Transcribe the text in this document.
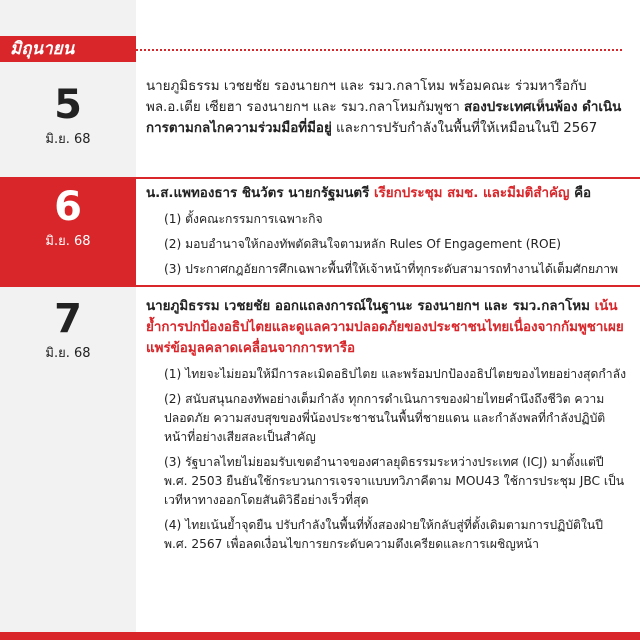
มิถุนายน
5
มิ.ย. 68

นายภูมิธรรม เวชยชัย รองนายกฯ และ รมว.กลาโหม พร้อมคณะ ร่วมหารือกับ พล.อ.เตีย เซียฮา รองนายกฯ และ รมว.กลาโหมกัมพูชา สองประเทศเห็นพ้อง ดำเนินการตามกลไกความร่วมมือที่มีอยู่ และการปรับกำลังในพื้นที่ให้เหมือนในปี 2567

6
มิ.ย. 68

น.ส.แพทองธาร ชินวัตร นายกรัฐมนตรี เรียกประชุม สมช. และมีมติสำคัญ คือ

(1) ตั้งคณะกรรมการเฉพาะกิจ
(2) มอบอำนาจให้กองทัพตัดสินใจตามหลัก Rules Of Engagement (ROE)
(3) ประกาศกฎอัยการศึกเฉพาะพื้นที่ให้เจ้าหน้าที่ทุกระดับสามารถทำงานได้เต็มศักยภาพ
7
มิ.ย. 68

นายภูมิธรรม เวชยชัย ออกแถลงการณ์ในฐานะ รองนายกฯ และ รมว.กลาโหม เน้นย้ำการปกป้องอธิปไตยและดูแลความปลอดภัยของประชาชนไทยเนื่องจากกัมพูชาเผยแพร่ข้อมูลคลาดเคลื่อนจากการหารือ

(1) ไทยจะไม่ยอมให้มีการละเมิดอธิปไตย และพร้อมปกป้องอธิปไตยของไทยอย่างสุดกำลัง
(2) สนับสนุนกองทัพอย่างเต็มกำลัง ทุกการดำเนินการของฝ่ายไทยคำนึงถึงชีวิต ความปลอดภัย ความสงบสุขของพี่น้องประชาชนในพื้นที่ชายแดน และกำลังพลที่กำลังปฏิบัติหน้าที่อย่างเสียสละเป็นสำคัญ
(3) รัฐบาลไทยไม่ยอมรับเขตอำนาจของศาลยุติธรรมระหว่างประเทศ (ICJ) มาตั้งแต่ปี พ.ศ. 2503 ยืนยันใช้กระบวนการเจรจาแบบทวิภาคีตาม MOU43 ใช้การประชุม JBC เป็นเวทีหาทางออกโดยสันติวิธีอย่างเร็วที่สุด
(4) ไทยเน้นย้ำจุดยืน ปรับกำลังในพื้นที่ทั้งสองฝ่ายให้กลับสู่ที่ตั้งเดิมตามการปฏิบัติในปี พ.ศ. 2567 เพื่อลดเงื่อนไขการยกระดับความตึงเครียดและการเผชิญหน้า
